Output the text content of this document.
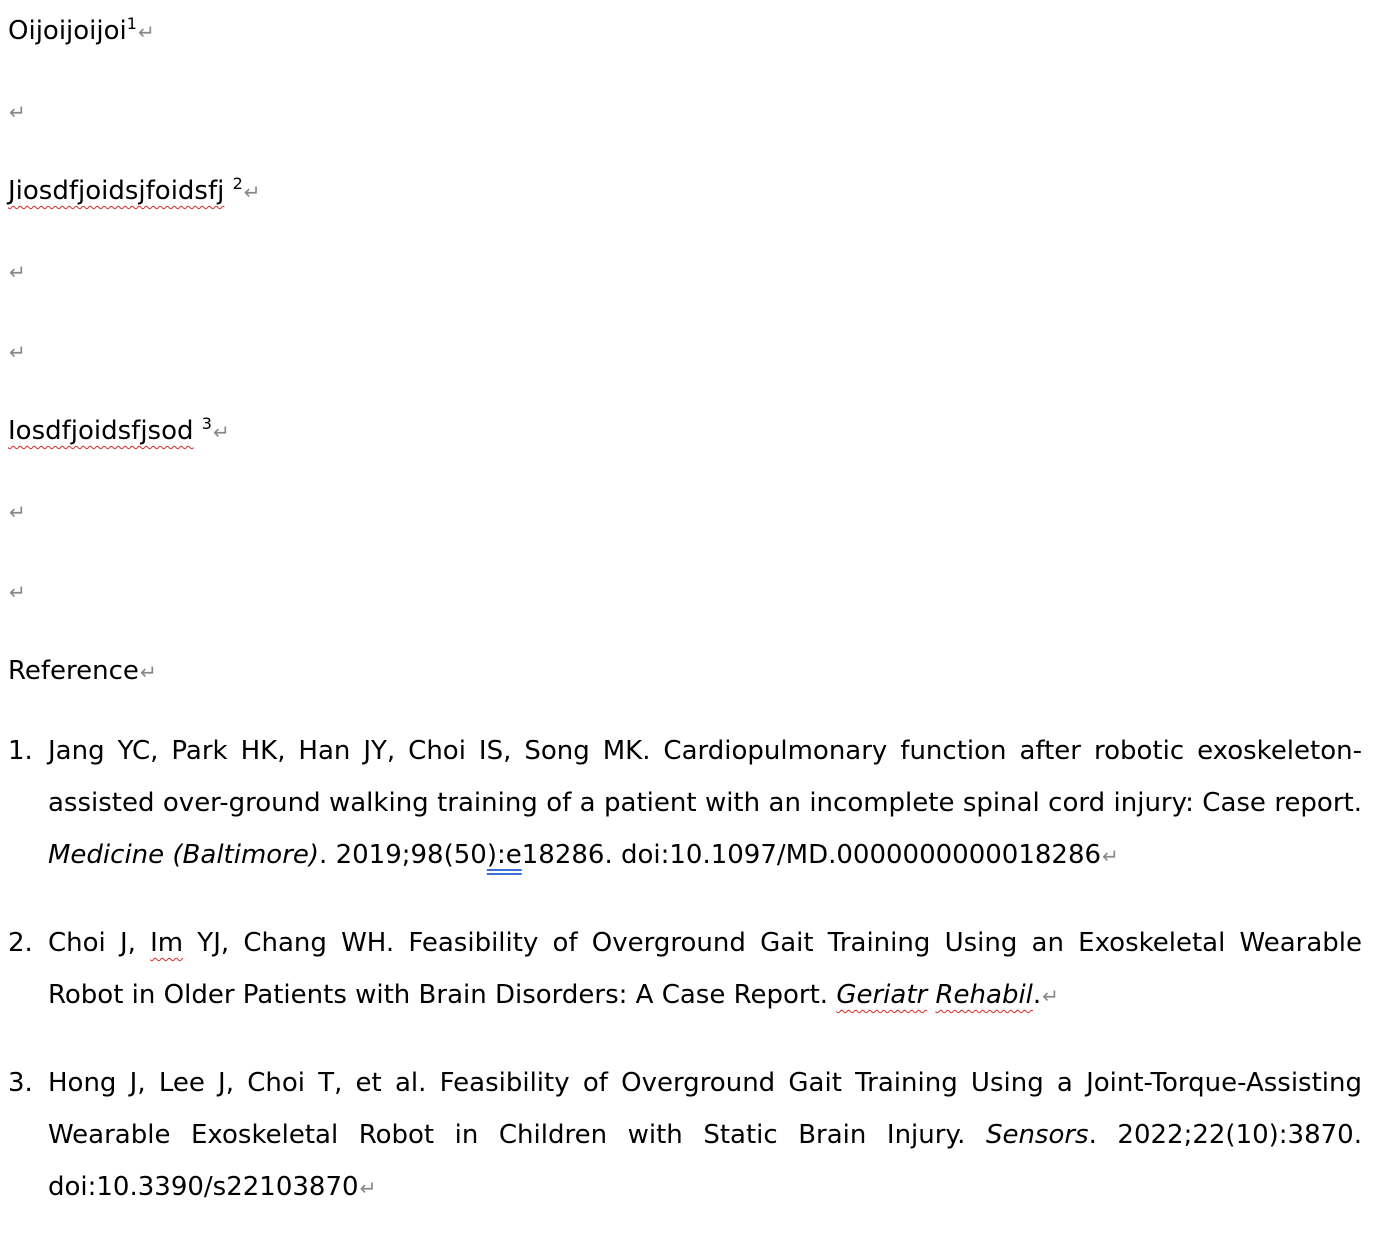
Oijoijoijoi$^1$↵
↵
Jiosdfjoidsjfoidsfj $^2$↵
↵
↵
Iosdfjoidsfjsod $^3$↵
↵
↵
Reference↵
1. Jang YC, Park HK, Han JY, Choi IS, Song MK. Cardiopulmonary function after robotic exoskeleton-assisted over-ground walking training of a patient with an incomplete spinal cord injury: Case report. Medicine (Baltimore). 2019;98(50):e18286. doi:10.1097/MD.0000000000018286↵
2. Choi J, Im YJ, Chang WH. Feasibility of Overground Gait Training Using an Exoskeletal Wearable Robot in Older Patients with Brain Disorders: A Case Report. Geriatr Rehabil.↵
3. Hong J, Lee J, Choi T, et al. Feasibility of Overground Gait Training Using a Joint-Torque-Assisting Wearable Exoskeletal Robot in Children with Static Brain Injury. Sensors. 2022;22(10):3870. doi:10.3390/s22103870↵
